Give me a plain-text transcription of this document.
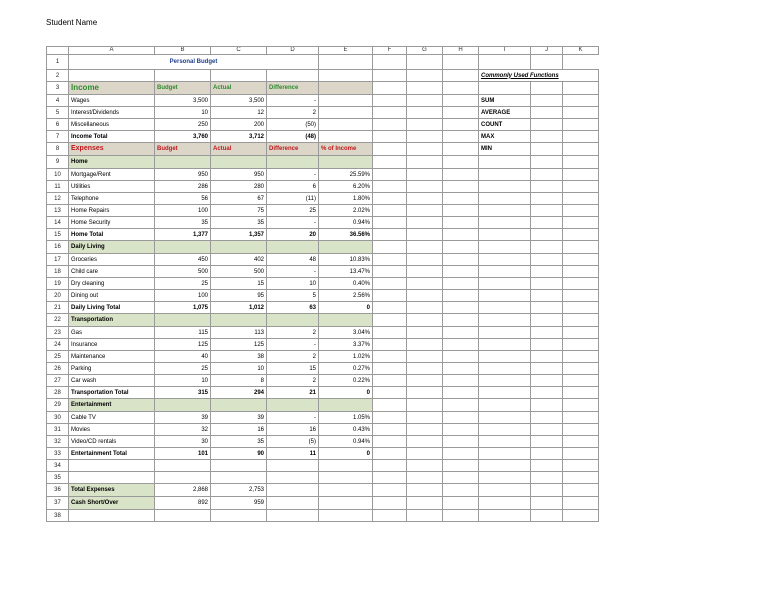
Student Name
	A	B	C	D	E	F	G	H	I	J	K
1	Personal Budget										
2									Commonly Used Functions		
3	Income	Budget	Actual	Difference							
4	Wages	3,500	3,500	-					SUM		
5	Interest/Dividends	10	12	2					AVERAGE		
6	Miscellaneous	250	200	(50)					COUNT		
7	Income Total	3,760	3,712	(48)					MAX		
8	Expenses	Budget	Actual	Difference	% of Income				MIN		
9	Home										
10	Mortgage/Rent	950	950	-	25.59%						
11	Utilities	286	280	6	6.20%						
12	Telephone	56	67	(11)	1.80%						
13	Home Repairs	100	75	25	2.02%						
14	Home Security	35	35	-	0.94%						
15	Home Total	1,377	1,357	20	36.56%						
16	Daily Living										
17	Groceries	450	402	48	10.83%						
18	Child care	500	500	-	13.47%						
19	Dry cleaning	25	15	10	0.40%						
20	Dining out	100	95	5	2.56%						
21	Daily Living Total	1,075	1,012	63	0						
22	Transportation										
23	Gas	115	113	2	3.04%						
24	Insurance	125	125	-	3.37%						
25	Maintenance	40	38	2	1.02%						
26	Parking	25	10	15	0.27%						
27	Car wash	10	8	2	0.22%						
28	Transportation Total	315	294	21	0						
29	Entertainment										
30	Cable TV	39	39	-	1.05%						
31	Movies	32	16	16	0.43%						
32	Video/CD rentals	30	35	(5)	0.94%						
33	Entertainment Total	101	90	11	0						
34											
35											
36	Total Expenses	2,868	2,753								
37	Cash Short/Over	892	959								
38											
